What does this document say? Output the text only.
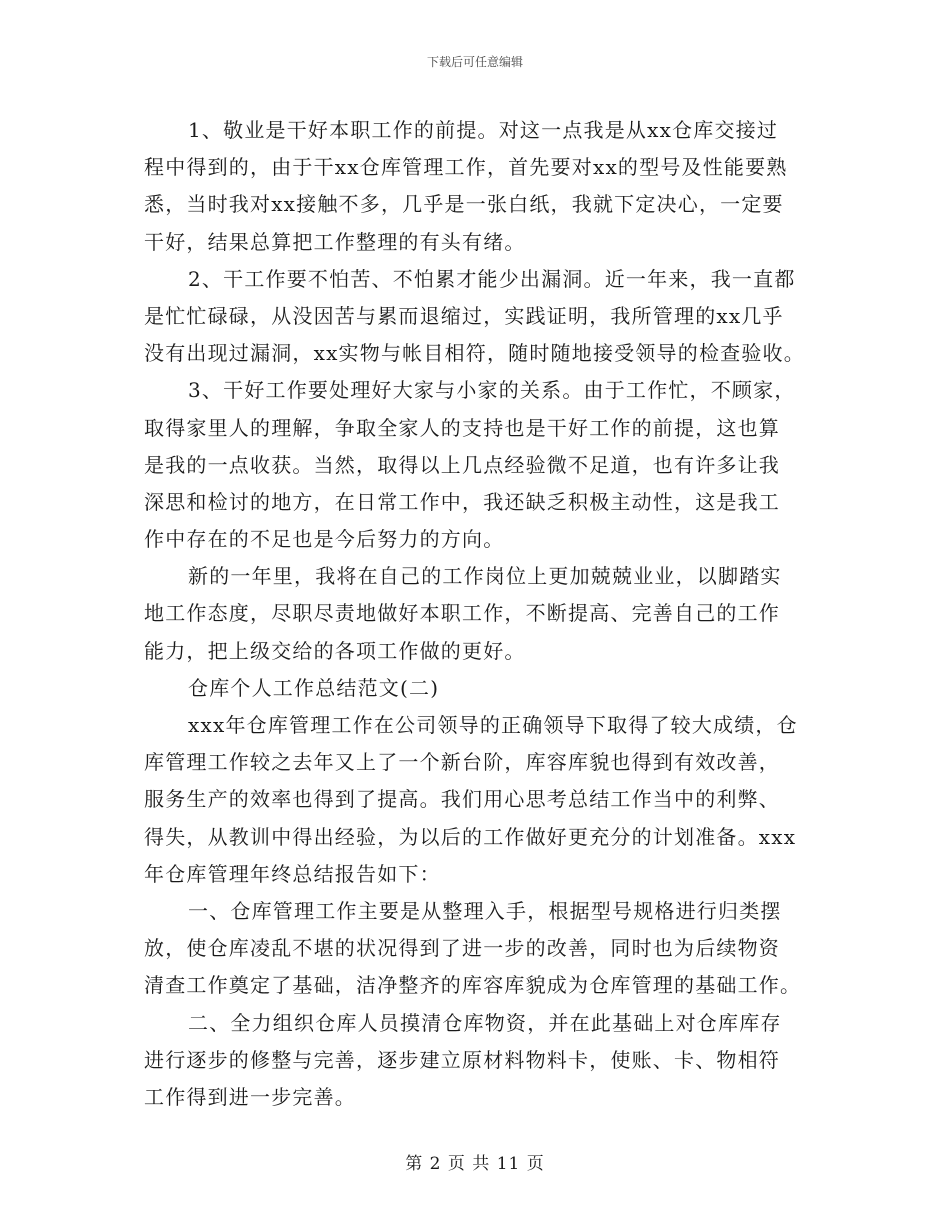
下载后可任意编辑
1、敬业是干好本职工作的前提。对这一点我是从xx仓库交接过
程中得到的，由于干xx仓库管理工作，首先要对xx的型号及性能要熟
悉，当时我对xx接触不多，几乎是一张白纸，我就下定决心，一定要
干好，结果总算把工作整理的有头有绪。
2、干工作要不怕苦、不怕累才能少出漏洞。近一年来，我一直都
是忙忙碌碌，从没因苦与累而退缩过，实践证明，我所管理的xx几乎
没有出现过漏洞，xx实物与帐目相符，随时随地接受领导的检查验收。
3、干好工作要处理好大家与小家的关系。由于工作忙，不顾家，
取得家里人的理解，争取全家人的支持也是干好工作的前提，这也算
是我的一点收获。当然，取得以上几点经验微不足道，也有许多让我
深思和检讨的地方，在日常工作中，我还缺乏积极主动性，这是我工
作中存在的不足也是今后努力的方向。
新的一年里，我将在自己的工作岗位上更加兢兢业业，以脚踏实
地工作态度，尽职尽责地做好本职工作，不断提高、完善自己的工作
能力，把上级交给的各项工作做的更好。
仓库个人工作总结范文(二)
xxx年仓库管理工作在公司领导的正确领导下取得了较大成绩，仓
库管理工作较之去年又上了一个新台阶，库容库貌也得到有效改善，
服务生产的效率也得到了提高。我们用心思考总结工作当中的利弊、
得失，从教训中得出经验，为以后的工作做好更充分的计划准备。xxx
年仓库管理年终总结报告如下：
一、仓库管理工作主要是从整理入手，根据型号规格进行归类摆
放，使仓库凌乱不堪的状况得到了进一步的改善，同时也为后续物资
清查工作奠定了基础，洁净整齐的库容库貌成为仓库管理的基础工作。
二、全力组织仓库人员摸清仓库物资，并在此基础上对仓库库存
进行逐步的修整与完善，逐步建立原材料物料卡，使账、卡、物相符
工作得到进一步完善。
第 2 页 共 11 页
